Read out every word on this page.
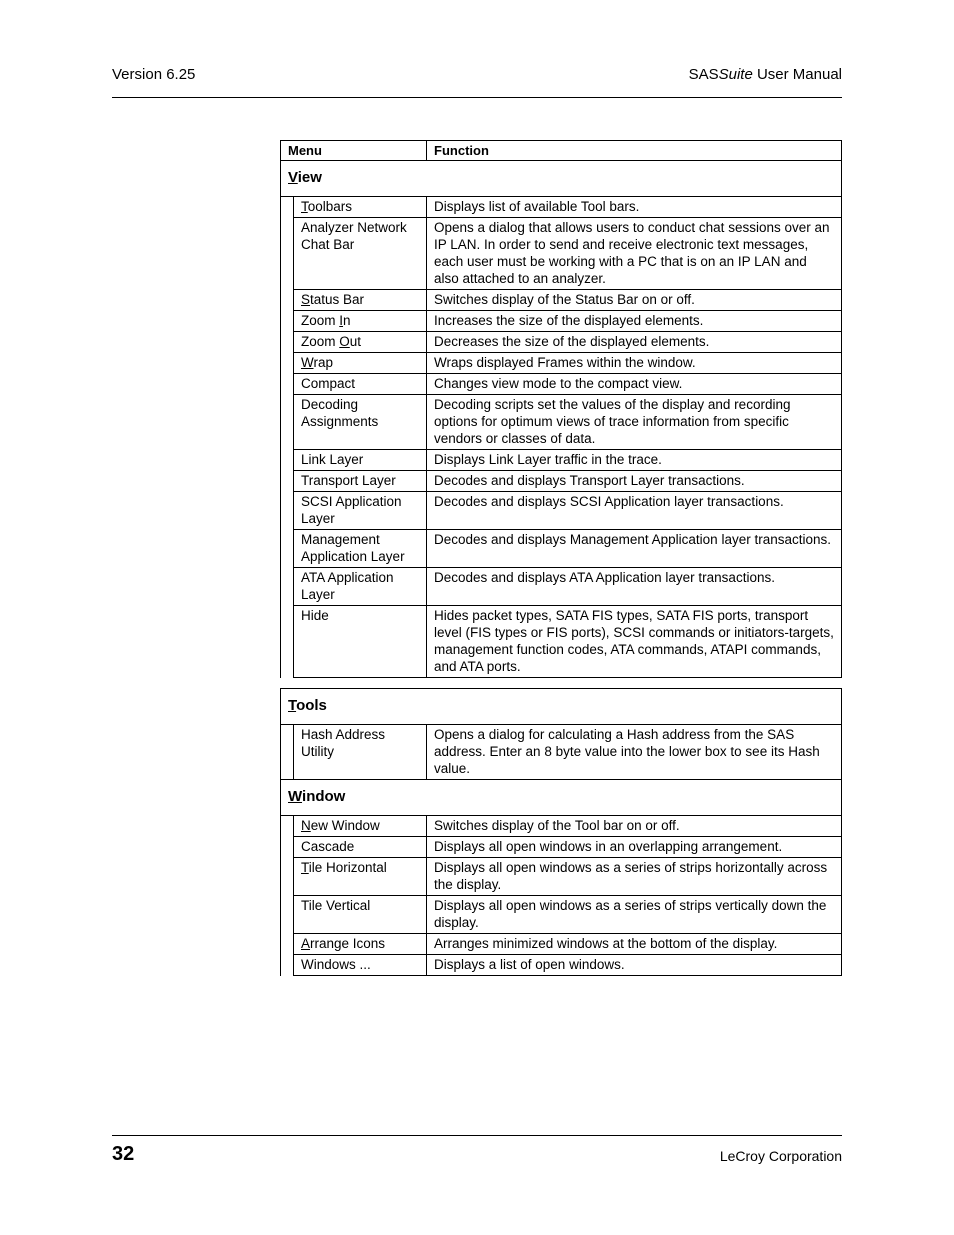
Version 6.25	SASSuite User Manual
Menu		Function
View		
	Toolbars	Displays list of available Tool bars.
	Analyzer Network Chat Bar	Opens a dialog that allows users to conduct chat sessions over an IP LAN. In order to send and receive electronic text messages, each user must be working with a PC that is on an IP LAN and also attached to an analyzer.
	Status Bar	Switches display of the Status Bar on or off.
	Zoom In	Increases the size of the displayed elements.
	Zoom Out	Decreases the size of the displayed elements.
	Wrap	Wraps displayed Frames within the window.
	Compact	Changes view mode to the compact view.
	Decoding Assignments	Decoding scripts set the values of the display and recording options for optimum views of trace information from specific vendors or classes of data.
	Link Layer	Displays Link Layer traffic in the trace.
	Transport Layer	Decodes and displays Transport Layer transactions.
	SCSI Application Layer	Decodes and displays SCSI Application layer transactions.
	Management Application Layer	Decodes and displays Management Application layer transactions.
	ATA Application Layer	Decodes and displays ATA Application layer transactions.
	Hide	Hides packet types, SATA FIS types, SATA FIS ports, transport level (FIS types or FIS ports), SCSI commands or initiators-targets, management function codes, ATA commands, ATAPI commands, and ATA ports.
Tools		
	Hash Address Utility	Opens a dialog for calculating a Hash address from the SAS address. Enter an 8 byte value into the lower box to see its Hash value.
Window		
	New Window	Switches display of the Tool bar on or off.
	Cascade	Displays all open windows in an overlapping arrangement.
	Tile Horizontal	Displays all open windows as a series of strips horizontally across the display.
	Tile Vertical	Displays all open windows as a series of strips vertically down the display.
	Arrange Icons	Arranges minimized windows at the bottom of the display.
	Windows ...	Displays a list of open windows.
32	LeCroy Corporation
